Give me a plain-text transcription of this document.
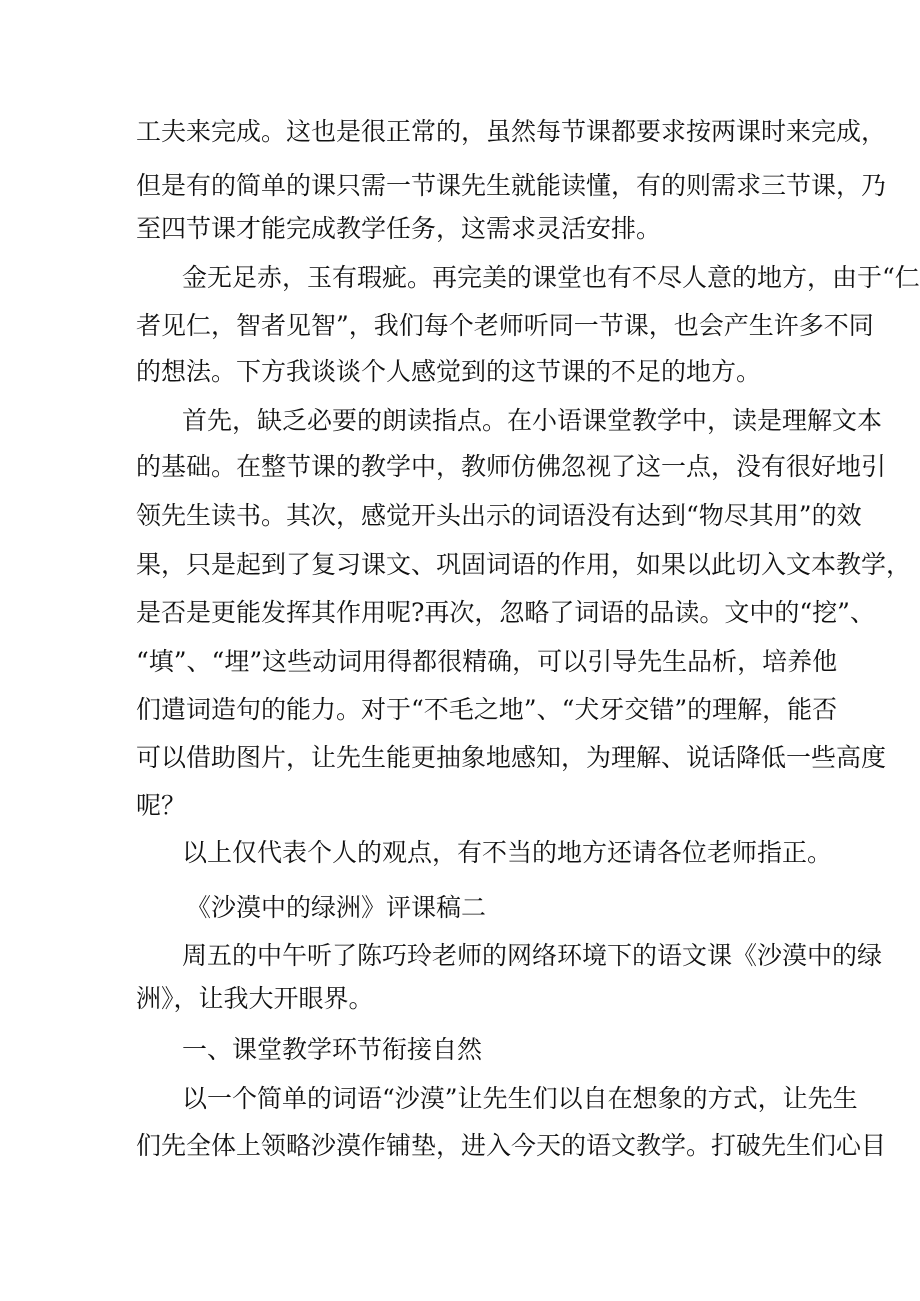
工夫来完成。这也是很正常的，虽然每节课都要求按两课时来完成，
但是有的简单的课只需一节课先生就能读懂，有的则需求三节课，乃
至四节课才能完成教学任务，这需求灵活安排。
金无足赤，玉有瑕疵。再完美的课堂也有不尽人意的地方，由于“仁
者见仁，智者见智”，我们每个老师听同一节课，也会产生许多不同
的想法。下方我谈谈个人感觉到的这节课的不足的地方。
首先，缺乏必要的朗读指点。在小语课堂教学中，读是理解文本
的基础。在整节课的教学中，教师仿佛忽视了这一点，没有很好地引
领先生读书。其次，感觉开头出示的词语没有达到“物尽其用”的效
果，只是起到了复习课文、巩固词语的作用，如果以此切入文本教学，
是否是更能发挥其作用呢?再次，忽略了词语的品读。文中的“挖”、
“填”、“埋”这些动词用得都很精确，可以引导先生品析，培养他
们遣词造句的能力。对于“不毛之地”、“犬牙交错”的理解，能否
可以借助图片，让先生能更抽象地感知，为理解、说话降低一些高度
呢？
以上仅代表个人的观点，有不当的地方还请各位老师指正。
《沙漠中的绿洲》评课稿二
周五的中午听了陈巧玲老师的网络环境下的语文课《沙漠中的绿
洲》，让我大开眼界。
一、课堂教学环节衔接自然
以一个简单的词语“沙漠”让先生们以自在想象的方式，让先生
们先全体上领略沙漠作铺垫，进入今天的语文教学。打破先生们心目
